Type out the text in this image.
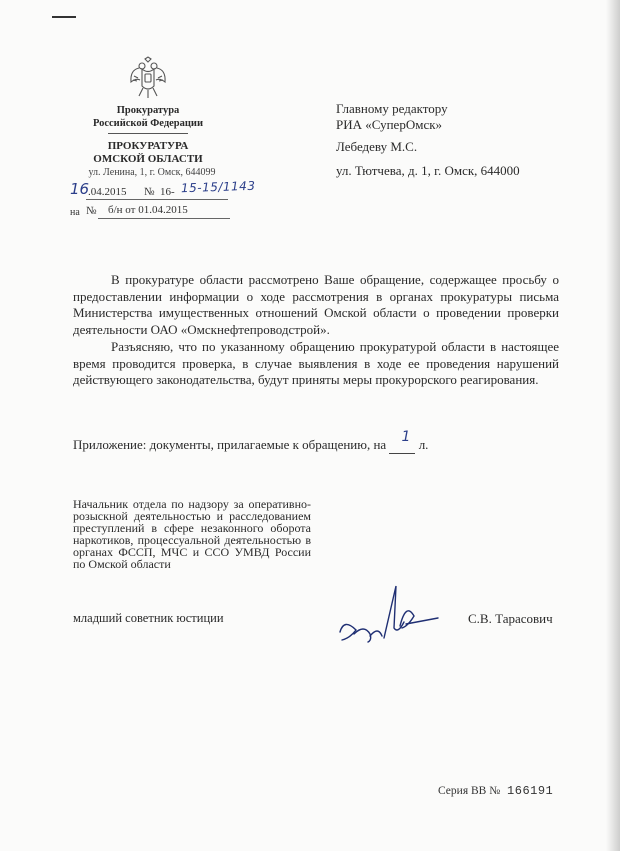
Прокуратура
Российской Федерации
ПРОКУРАТУРА
ОМСКОЙ ОБЛАСТИ
ул. Ленина, 1, г. Омск, 644099
16
.04.2015 № 16- 15-15/1143
на № б/н от 01.04.2015
Главному редактору
РИА «СуперОмск»
Лебедеву М.С.
ул. Тютчева, д. 1, г. Омск, 644000
В прокуратуре области рассмотрено Ваше обращение, содержащее просьбу о предоставлении информации о ходе рассмотрения в органах прокуратуры письма Министерства имущественных отношений Омской области о проведении проверки деятельности ОАО «Омскнефтепроводстрой».
Разъясняю, что по указанному обращению прокуратурой области в настоящее время проводится проверка, в случае выявления в ходе ее проведения нарушений действующего законодательства, будут приняты меры прокурорского реагирования.
Приложение: документы, прилагаемые к обращению, на 1 л.
Начальник отдела по надзору за оперативно-розыскной деятельностью и расследованием преступлений в сфере незаконного оборота наркотиков, процессуальной деятельностью в органах ФССП, МЧС и ССО УМВД России по Омской области
младший советник юстиции	С.В. Тарасович
Серия ВВ № 166191
